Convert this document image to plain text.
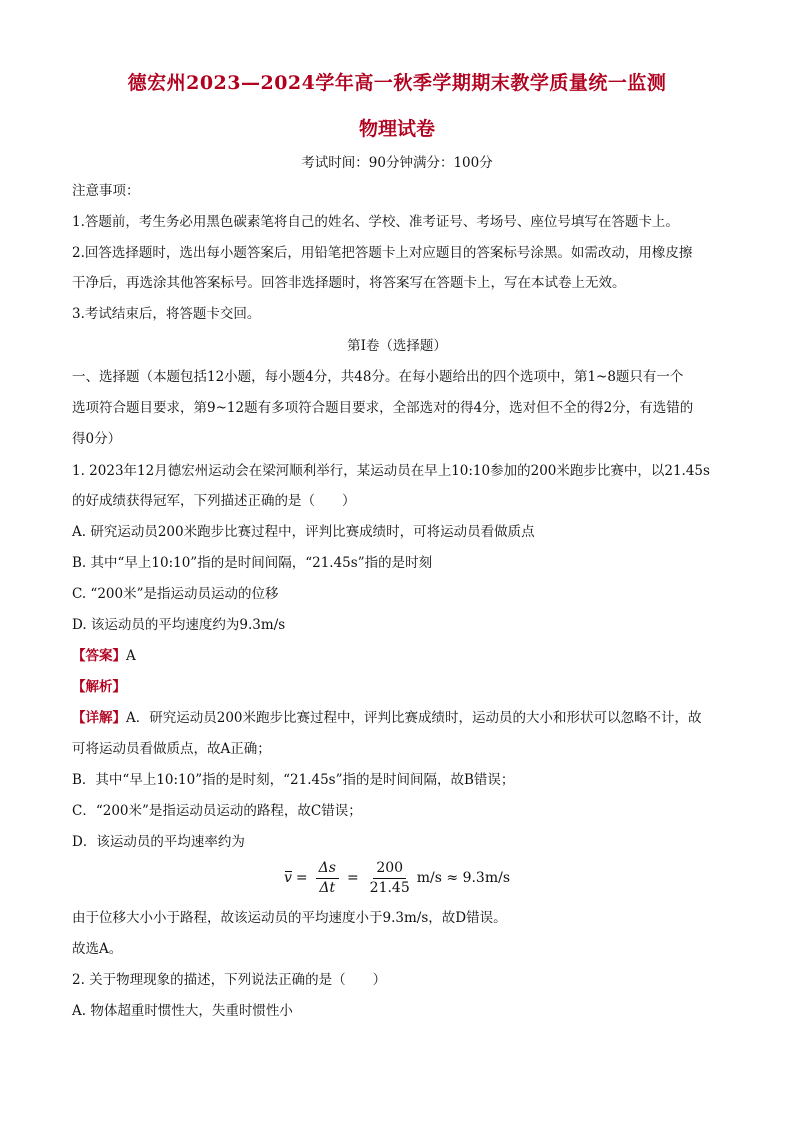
德宏州2023—2024学年高一秋季学期期末教学质量统一监测
物理试卷
考试时间：90分钟满分：100分
注意事项：
1.答题前，考生务必用黑色碳素笔将自己的姓名、学校、准考证号、考场号、座位号填写在答题卡上。
2.回答选择题时，选出每小题答案后，用铅笔把答题卡上对应题目的答案标号涂黑。如需改动，用橡皮擦
干净后，再选涂其他答案标号。回答非选择题时，将答案写在答题卡上，写在本试卷上无效。
3.考试结束后，将答题卡交回。
第Ⅰ卷（选择题）
一、选择题（本题包括12小题，每小题4分，共48分。在每小题给出的四个选项中，第1~8题只有一个
选项符合题目要求，第9~12题有多项符合题目要求，全部选对的得4分，选对但不全的得2分，有选错的
得0分）
1. 2023年12月德宏州运动会在梁河顺利举行，某运动员在早上10:10参加的200米跑步比赛中，以21.45s
的好成绩获得冠军，下列描述正确的是（　　）
A. 研究运动员200米跑步比赛过程中，评判比赛成绩时，可将运动员看做质点
B. 其中“早上10:10”指的是时间间隔，“21.45s”指的是时刻
C. “200米”是指运动员运动的位移
D. 该运动员的平均速度约为9.3m/s
【答案】A
【解析】
【详解】A．研究运动员200米跑步比赛过程中，评判比赛成绩时，运动员的大小和形状可以忽略不计，故
可将运动员看做质点，故A正确；
B．其中“早上10:10”指的是时刻，“21.45s”指的是时间间隔，故B错误；
C．“200米”是指运动员运动的路程，故C错误；
D．该运动员的平均速率约为
$v = \frac{\Delta s}{\Delta t} = \frac{200}{21.45} m/s \approx 9.3m/s$
由于位移大小小于路程，故该运动员的平均速度小于9.3m/s，故D错误。
故选A。
2. 关于物理现象的描述，下列说法正确的是（　　）
A. 物体超重时惯性大，失重时惯性小
